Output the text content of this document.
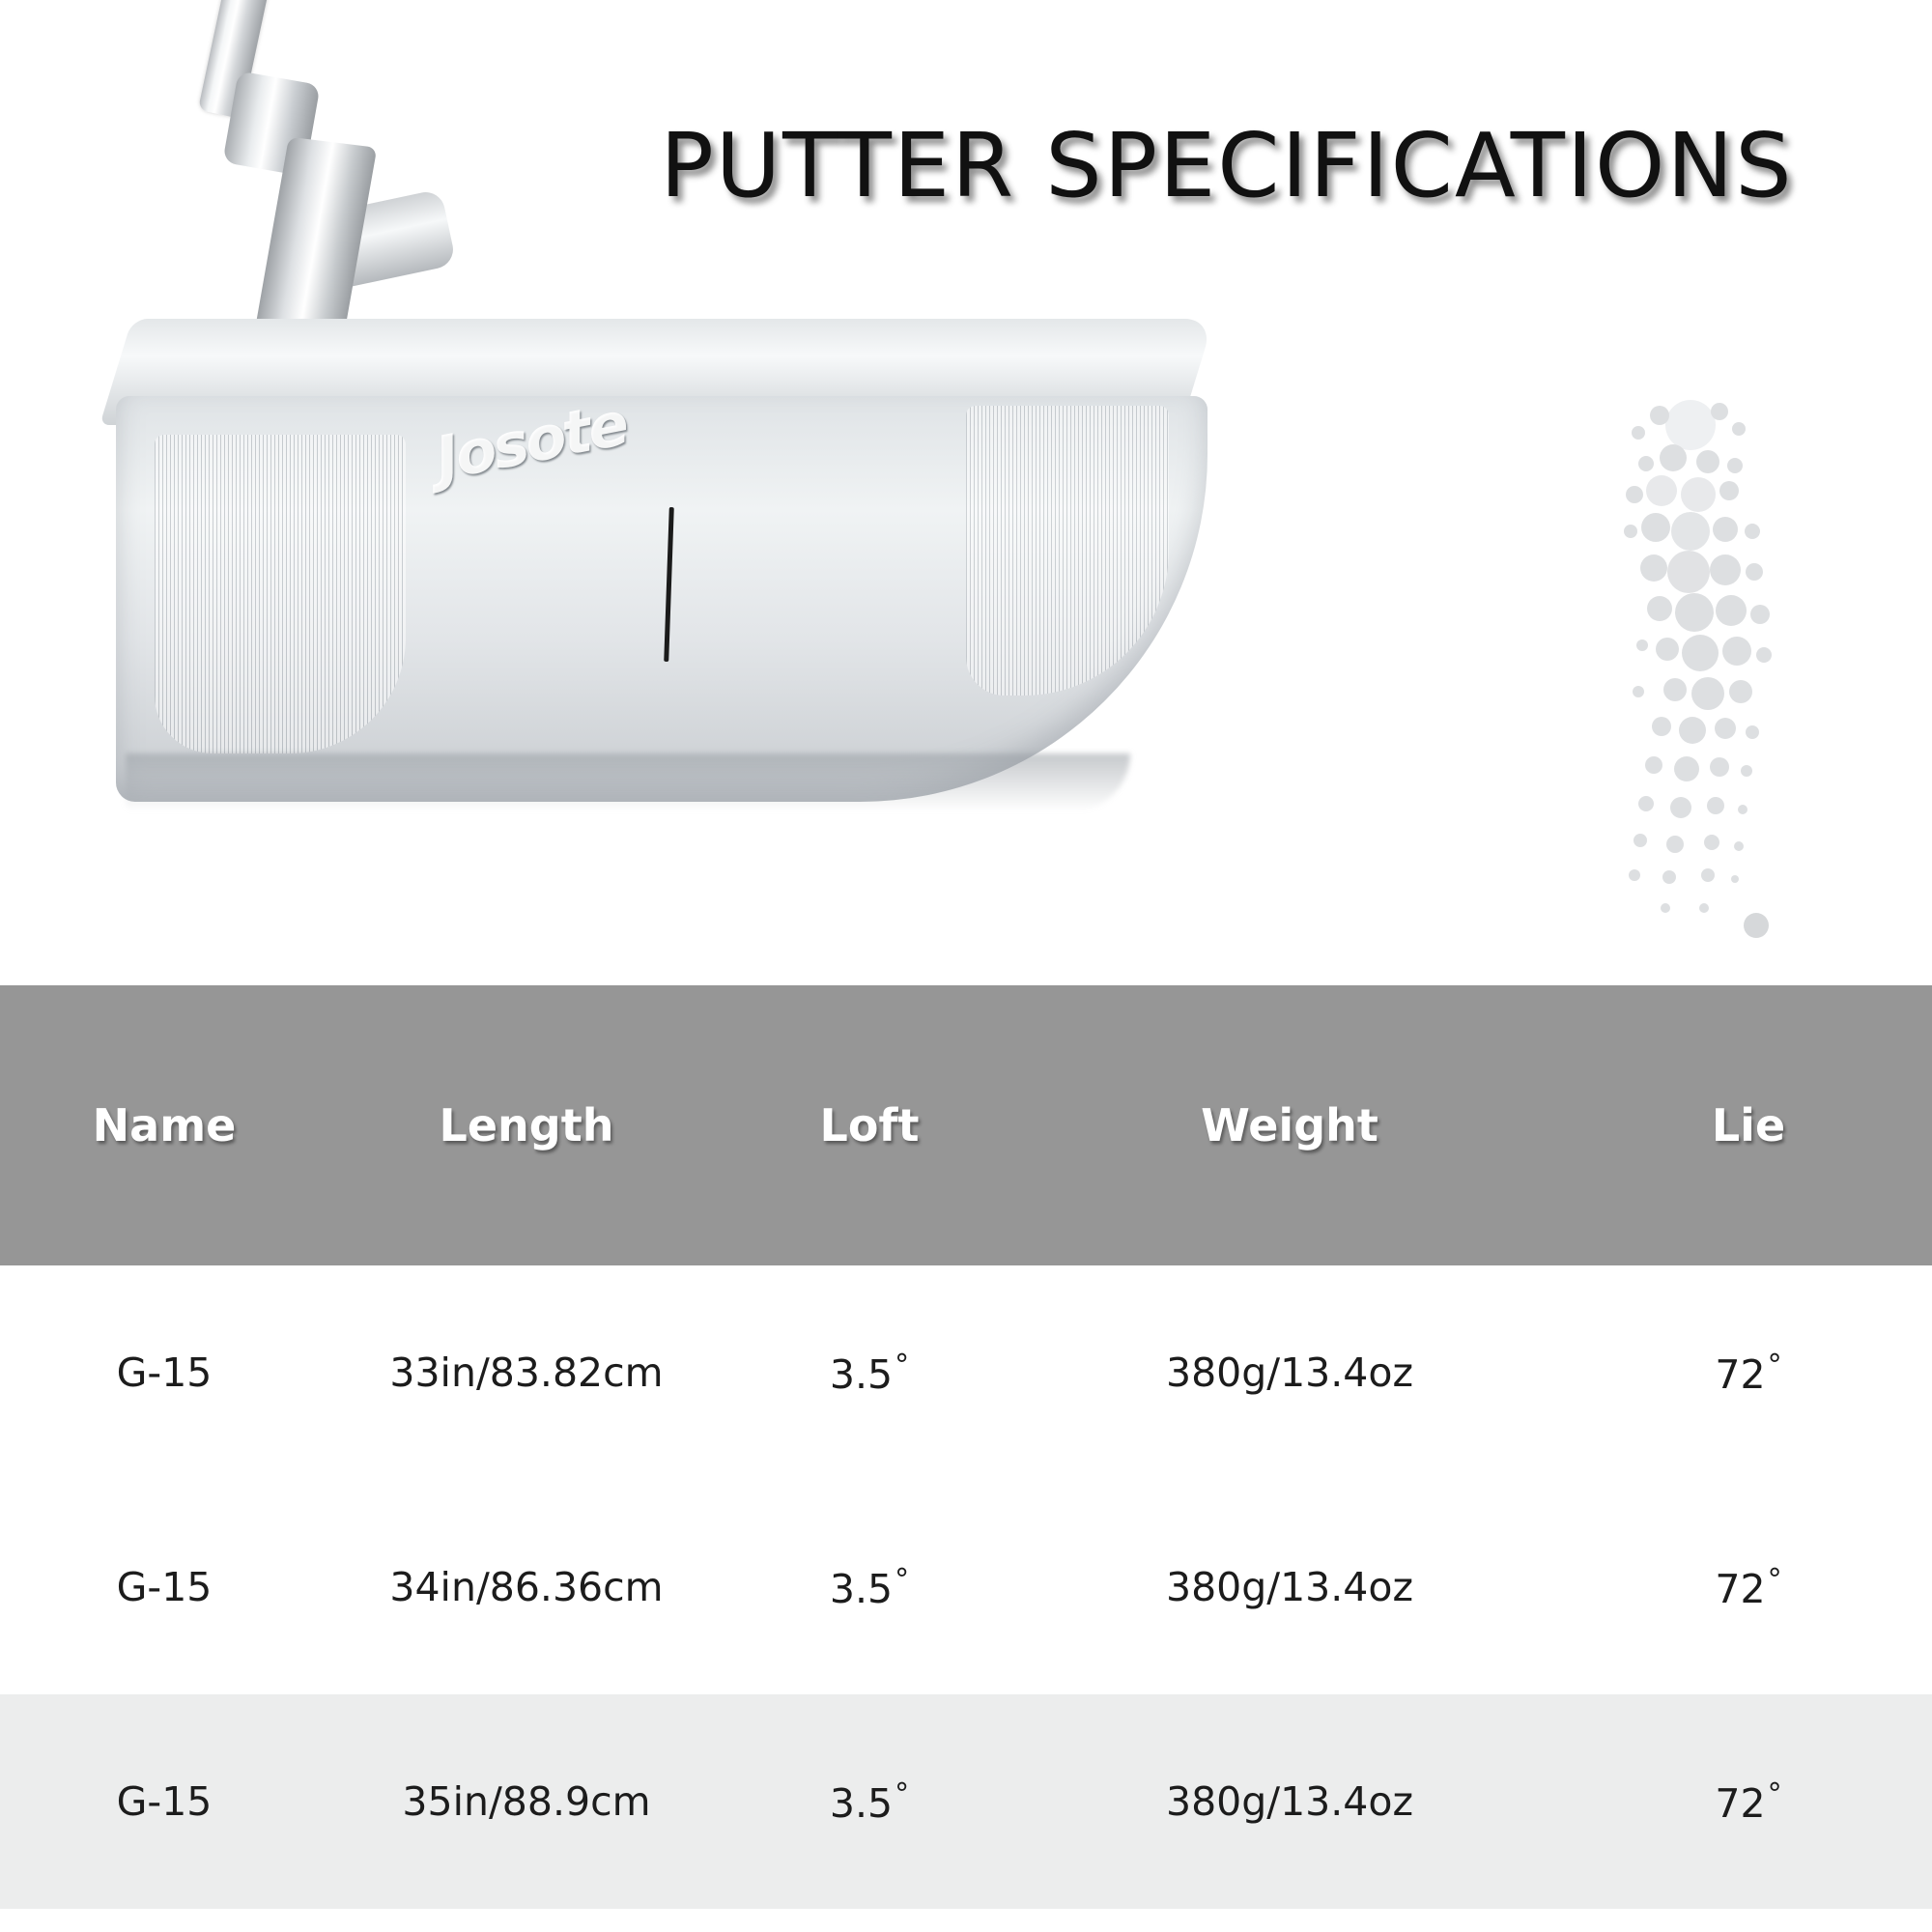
PUTTER SPECIFICATIONS
Josote
Name	Length	Loft	Weight	Lie
G-15	33in/83.82cm	3.5°	380g/13.4oz	72°
G-15	34in/86.36cm	3.5°	380g/13.4oz	72°
G-15	35in/88.9cm	3.5°	380g/13.4oz	72°
